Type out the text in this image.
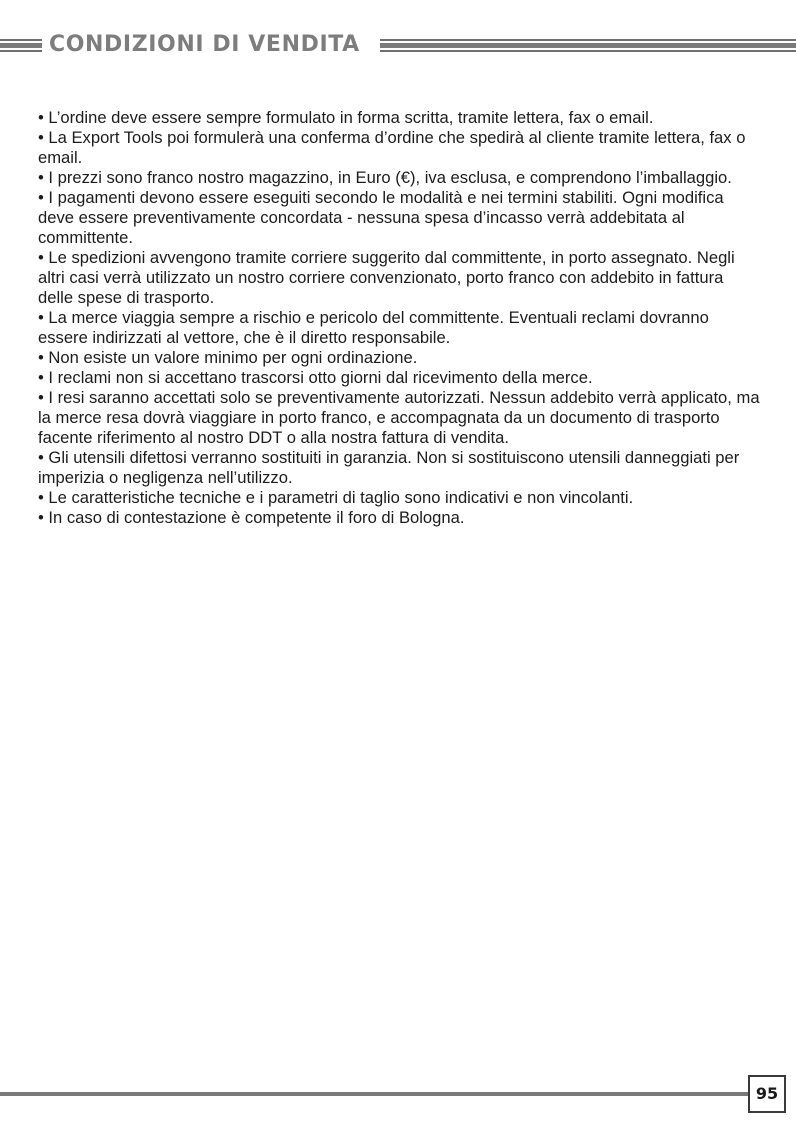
CONDIZIONI DI VENDITA
• L’ordine deve essere sempre formulato in forma scritta, tramite lettera, fax o email.
• La Export Tools poi formulerà una conferma d’ordine che spedirà al cliente tramite lettera, fax o email.
• I prezzi sono franco nostro magazzino, in Euro (€), iva esclusa, e comprendono l’imballaggio.
• I pagamenti devono essere eseguiti secondo le modalità e nei termini stabiliti. Ogni modifica deve essere preventivamente concordata - nessuna spesa d’incasso verrà addebitata al committente.
• Le spedizioni avvengono tramite corriere suggerito dal committente, in porto assegnato. Negli altri casi verrà utilizzato un nostro corriere convenzionato, porto franco con addebito in fattura delle spese di trasporto.
• La merce viaggia sempre a rischio e pericolo del committente. Eventuali reclami dovranno essere indirizzati al vettore, che è il diretto responsabile.
• Non esiste un valore minimo per ogni ordinazione.
• I reclami non si accettano trascorsi otto giorni dal ricevimento della merce.
• I resi saranno accettati solo se preventivamente autorizzati. Nessun addebito verrà applicato, ma la merce resa dovrà viaggiare in porto franco, e accompagnata da un documento di trasporto facente riferimento al nostro DDT o alla nostra fattura di vendita.
• Gli utensili difettosi verranno sostituiti in garanzia. Non si sostituiscono utensili danneggiati per imperizia o negligenza nell’utilizzo.
• Le caratteristiche tecniche e i parametri di taglio sono indicativi e non vincolanti.
• In caso di contestazione è competente il foro di Bologna.
95
